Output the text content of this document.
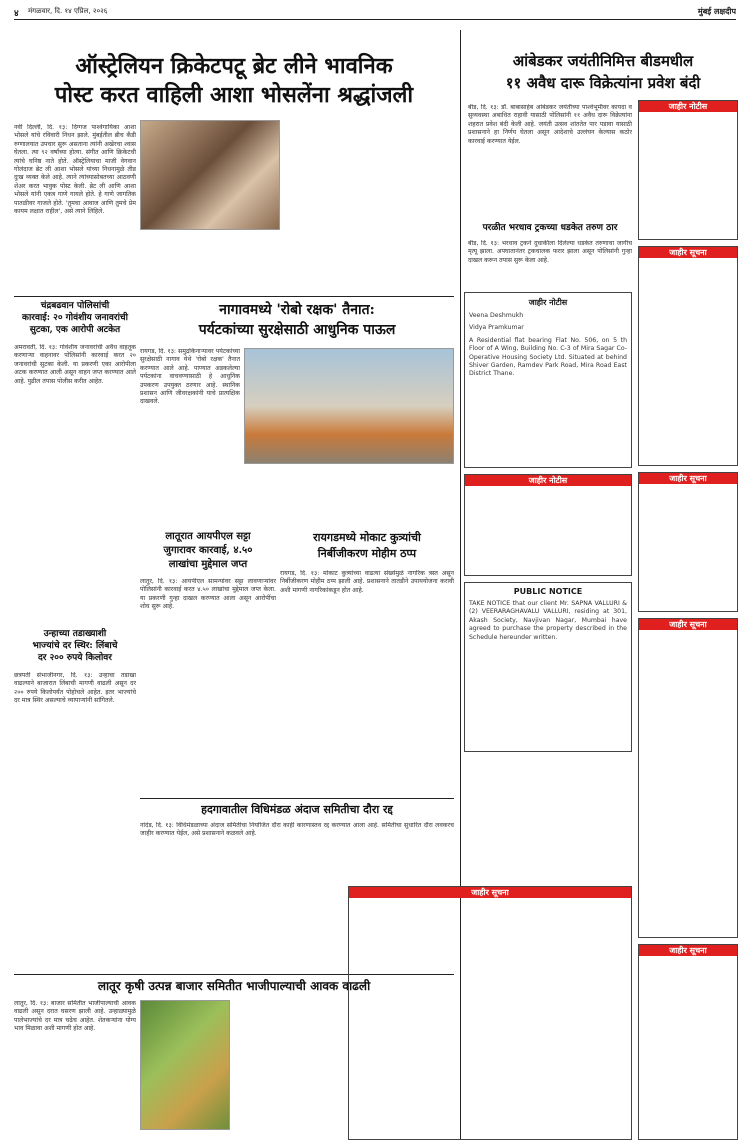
४ मंगळवार, दि. १४ एप्रिल, २०२६	मुंबई लक्षदीप
ऑस्ट्रेलियन क्रिकेटपटू ब्रेट लीने भावनिक
पोस्ट करत वाहिली आशा भोसलेंना श्रद्धांजली
नवी दिल्ली, दि. १३: दिग्गज पार्श्वगायिका आशा भोसले यांचे रविवारी निधन झाले. मुंबईतील ब्रीच कँडी रुग्णालयात उपचार सुरू असताना त्यांनी अखेरचा श्वास घेतला. त्या ९२ वर्षांच्या होत्या. संगीत आणि क्रिकेटची त्यांचे घनिष्ठ नाते होते. ऑस्ट्रेलियाचा माजी वेगवान गोलंदाज ब्रेट ली आशा भोसले यांच्या निधनामुळे तीव्र दुःख व्यक्त केले आहे. त्याने त्यांच्यासोबतच्या आठवणी शेअर करत भावुक पोस्ट केली. ब्रेट ली आणि आशा भोसले यांनी एकत्र गाणे गायले होते. हे गाणे जागतिक पातळीवर गाजले होते. 'तुमचा आवाज आणि तुमचे प्रेम कायम लक्षात राहील', असे त्याने लिहिले.
आंबेडकर जयंतीनिमित्त बीडमधील
११ अवैध दारू विक्रेत्यांना प्रवेश बंदी
बीड, दि. १३: डॉ. बाबासाहेब आंबेडकर जयंतीच्या पार्श्वभूमीवर कायदा व सुव्यवस्था अबाधित राहावी यासाठी पोलिसांनी ११ अवैध दारू विक्रेत्यांना शहरात प्रवेश बंदी केली आहे. जयंती उत्सव शांततेत पार पडावा यासाठी प्रशासनाने हा निर्णय घेतला असून आदेशाचे उल्लंघन केल्यास कठोर कारवाई करण्यात येईल.
परळीत भरधाव ट्रकच्या धडकेत तरुण ठार
बीड, दि. १३: भरधाव ट्रकने दुचाकीला दिलेल्या धडकेत तरुणाचा जागीच मृत्यू झाला. अपघातानंतर ट्रकचालक फरार झाला असून पोलिसांनी गुन्हा दाखल करून तपास सुरू केला आहे.
जाहीर नोटीस
जाहीर सूचना
जाहीर सूचना
जाहीर सूचना
जाहीर सूचना
चंद्रबढवान पोलिसांची
कारवाई: २० गोवंशीय जनावरांची
सुटका, एक आरोपी अटकेत
अमरावती, दि. १३: गोवंशीय जनावरांची अवैध वाहतूक करणाऱ्या वाहनावर पोलिसांनी कारवाई करत २० जनावरांची सुटका केली. या प्रकरणी एका आरोपीला अटक करण्यात आली असून वाहन जप्त करण्यात आले आहे. पुढील तपास पोलीस करीत आहेत.
उन्हाच्या तडाख्याशी
भाज्यांचे दर स्थिर: लिंबाचे
दर २०० रुपये किलोवर
छत्रपती संभाजीनगर, दि. १३: उन्हाचा तडाखा वाढल्याने बाजारात लिंबाची मागणी वाढली असून दर २०० रुपये किलोपर्यंत पोहोचले आहेत. इतर भाज्यांचे दर मात्र स्थिर असल्याचे व्यापाऱ्यांनी सांगितले.
नागावमध्ये 'रोबो रक्षक' तैनात:
पर्यटकांच्या सुरक्षेसाठी आधुनिक पाऊल
रायगड, दि. १३: समुद्रकिनाऱ्यावर पर्यटकांच्या सुरक्षेसाठी नागाव येथे 'रोबो रक्षक' तैनात करण्यात आले आहे. पाण्यात अडकलेल्या पर्यटकांना वाचवण्यासाठी हे आधुनिक उपकरण उपयुक्त ठरणार आहे. स्थानिक प्रशासन आणि जीवरक्षकांनी याचे प्रात्यक्षिक दाखवले.
लातूरात आयपीएल सट्टा
जुगारावर कारवाई, ४.५०
लाखांचा मुद्देमाल जप्त
लातूर, दि. १३: आयपीएल सामन्यांवर सट्टा लावणाऱ्यांवर पोलिसांनी कारवाई करत ४.५० लाखांचा मुद्देमाल जप्त केला. या प्रकरणी गुन्हा दाखल करण्यात आला असून आरोपींचा शोध सुरू आहे.
रायगडमध्ये मोकाट कुत्र्यांची
निर्बीजीकरण मोहीम ठप्प
रायगड, दि. १३: मोकाट कुत्र्यांच्या वाढत्या संख्येमुळे नागरिक त्रस्त असून निर्बीजीकरण मोहीम ठप्प झाली आहे. प्रशासनाने तातडीने उपाययोजना करावी अशी मागणी नागरिकांकडून होत आहे.
हदगावातील विधिमंडळ अंदाज समितीचा दौरा रद्द
नांदेड, दि. १३: विधिमंडळाच्या अंदाज समितीचा नियोजित दौरा काही कारणास्तव रद्द करण्यात आला आहे. समितीचा सुधारित दौरा लवकरच जाहीर करण्यात येईल, असे प्रशासनाने कळवले आहे.
लातूर कृषी उत्पन्न बाजार समितीत भाजीपाल्याची आवक वाढली
लातूर, दि. १३: बाजार समितीत भाजीपाल्याची आवक वाढली असून दरात घसरण झाली आहे. उन्हाळ्यामुळे पालेभाज्यांचे दर मात्र चढेच आहेत. शेतकऱ्यांना योग्य भाव मिळावा अशी मागणी होत आहे.
जाहीर नोटीस
Veena Deshmukh
Vidya Pramkumar
A Residential flat bearing Flat No. 506, on 5 th Floor of A Wing, Building No. C-3 of Mira Sagar Co-Operative Housing Society Ltd. Situated at behind Shiver Garden, Ramdev Park Road, Mira Road East District Thane.
जाहीर नोटीस
PUBLIC NOTICE
TAKE NOTICE that our client Mr. SAPNA VALLURI & (2) VEERARAGHAVALU VALLURI, residing at 301, Akash Society, Navjivan Nagar, Mumbai have agreed to purchase the property described in the Schedule hereunder written.
जाहीर सूचना
